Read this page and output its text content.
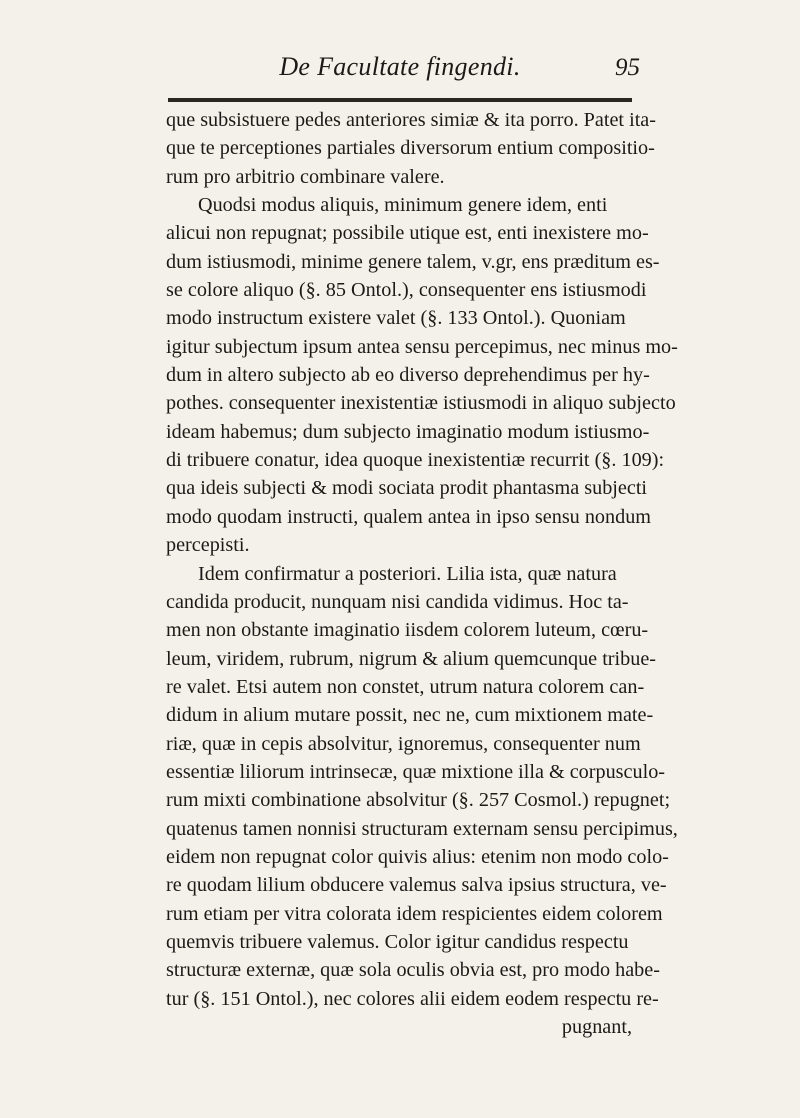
De Facultate fingendi.	95

que subsistuere pedes anteriores simiæ & ita porro. Patet ita-
que te perceptiones partiales diversorum entium compositio-
rum pro arbitrio combinare valere.

Quodsi modus aliquis, minimum genere idem, enti
alicui non repugnat; possibile utique est, enti inexistere mo-
dum istiusmodi, minime genere talem, v.gr, ens præditum es-
se colore aliquo (§. 85 Ontol.), consequenter ens istiusmodi
modo instructum existere valet (§. 133 Ontol.). Quoniam
igitur subjectum ipsum antea sensu percepimus, nec minus mo-
dum in altero subjecto ab eo diverso deprehendimus per hy-
pothes. consequenter inexistentiæ istiusmodi in aliquo subjecto
ideam habemus; dum subjecto imaginatio modum istiusmo-
di tribuere conatur, idea quoque inexistentiæ recurrit (§. 109):
qua ideis subjecti & modi sociata prodit phantasma subjecti
modo quodam instructi, qualem antea in ipso sensu nondum
percepisti.

Idem confirmatur a posteriori. Lilia ista, quæ natura
candida producit, nunquam nisi candida vidimus. Hoc ta-
men non obstante imaginatio iisdem colorem luteum, cœru-
leum, viridem, rubrum, nigrum & alium quemcunque tribue-
re valet. Etsi autem non constet, utrum natura colorem can-
didum in alium mutare possit, nec ne, cum mixtionem mate-
riæ, quæ in cepis absolvitur, ignoremus, consequenter num
essentiæ liliorum intrinsecæ, quæ mixtione illa & corpusculo-
rum mixti combinatione absolvitur (§. 257 Cosmol.) repugnet;
quatenus tamen nonnisi structuram externam sensu percipimus,
eidem non repugnat color quivis alius: etenim non modo colo-
re quodam lilium obducere valemus salva ipsius structura, ve-
rum etiam per vitra colorata idem respicientes eidem colorem
quemvis tribuere valemus. Color igitur candidus respectu
structuræ externæ, quæ sola oculis obvia est, pro modo habe-
tur (§. 151 Ontol.), nec colores alii eidem eodem respectu re-
pugnant,
